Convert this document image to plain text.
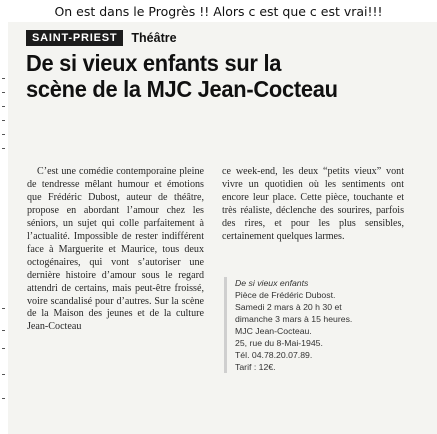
On est dans le Progrès !! Alors c est que c est vrai!!!
SAINT-PRIEST	Théâtre
De si vieux enfants sur la
scène de la MJC Jean-Cocteau

C’est une comédie contemporaine pleine de tendresse mêlant humour et émotions que Frédéric Dubost, auteur de théâtre, propose en abordant l’amour chez les séniors, un sujet qui colle parfaitement à l’actualité. Impossible de rester indifférent face à Marguerite et Maurice, tous deux octogénaires, qui vont s’autoriser une dernière histoire d’amour sous le regard attendri de certains, mais peut-être froissé, voire scandalisé pour d’autres. Sur la scène de la Maison des jeunes et de la culture Jean-Cocteau

ce week-end, les deux “petits vieux” vont vivre un quotidien où les sentiments ont encore leur place. Cette pièce, touchante et très réaliste, déclenche des sourires, parfois des rires, et pour les plus sensibles, certainement quelques larmes.

De si vieux enfants
Pièce de Frédéric Dubost.
Samedi 2 mars à 20 h 30 et
dimanche 3 mars à 15 heures.
MJC Jean-Cocteau.
25, rue du 8-Mai-1945.
Tél. 04.78.20.07.89.
Tarif : 12€.
